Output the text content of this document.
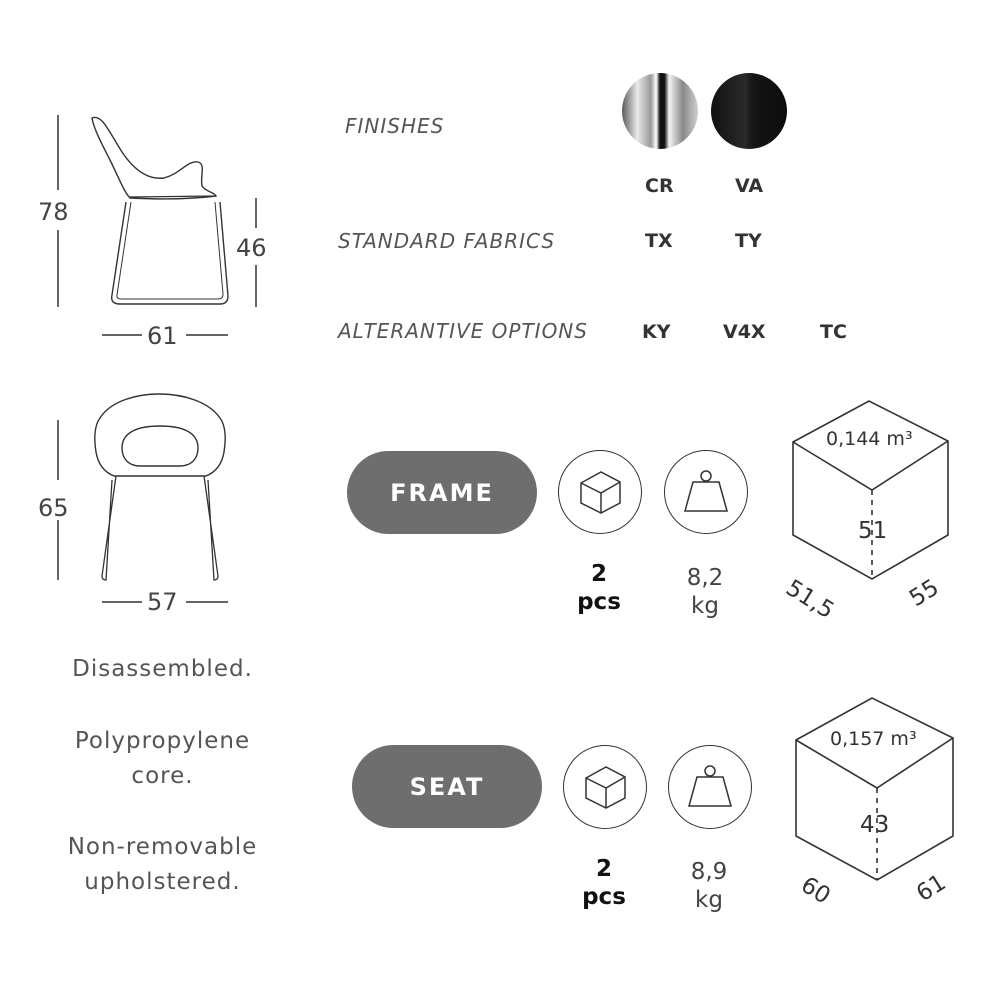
78
46
61
65
57
FINISHES
CR	VA
STANDARD FABRICS	TX	TY
ALTERANTIVE OPTIONS	KY	V4X	TC
FRAME
2
pcs
8,2
kg
0,144 m³
51
51,5	55
SEAT
2
pcs
8,9
kg
0,157 m³
43
60	61
Disassembled.
Polypropylene
core.
Non-removable
upholstered.
